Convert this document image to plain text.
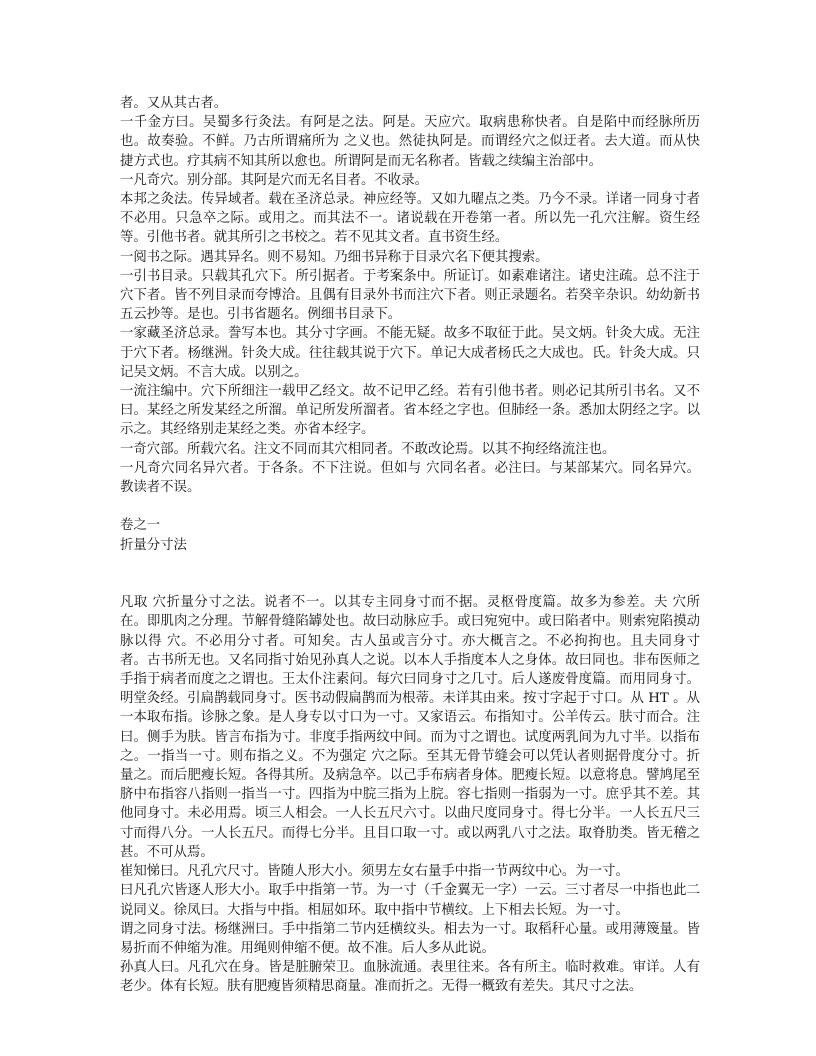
者。又从其古者。

一千金方曰。吴蜀多行灸法。有阿是之法。阿是。天应穴。取病患称快者。自是陷中而经脉所历也。故奏验。不鲜。乃古所谓痛所为 之义也。然徒执阿是。而谓经穴之似迂者。去大道。而从快捷方式也。疗其病不知其所以愈也。所谓阿是而无名称者。皆载之续编主治部中。

一凡奇穴。别分部。其阿是穴而无名目者。不收录。

本邦之灸法。传异域者。载在圣济总录。神应经等。又如九曜点之类。乃今不录。详诸一同身寸者不必用。只急卒之际。或用之。而其法不一。诸说载在开卷第一者。所以先一孔穴注解。资生经等。引他书者。就其所引之书校之。若不见其文者。直书资生经。

一阅书之际。遇其异名。则不易知。乃细书异称于目录穴名下便其搜索。

一引书目录。只载其孔穴下。所引据者。于考案条中。所证订。如素难诸注。诸史注疏。总不注于穴下者。皆不列目录而夸博洽。且偶有目录外书而注穴下者。则正录题名。若癸辛杂识。幼幼新书五云抄等。是也。引书省题名。例细书目录下。

一家藏圣济总录。誊写本也。其分寸字画。不能无疑。故多不取征于此。吴文炳。针灸大成。无注于穴下者。杨继洲。针灸大成。往往载其说于穴下。单记大成者杨氏之大成也。氏。针灸大成。只记吴文炳。不言大成。以别之。

一流注编中。穴下所细注一载甲乙经文。故不记甲乙经。若有引他书者。则必记其所引书名。又不曰。某经之所发某经之所溜。单记所发所溜者。省本经之字也。但肺经一条。悉加太阴经之字。以示之。其经络别走某经之类。亦省本经字。

一奇穴部。所载穴名。注文不同而其穴相同者。不敢改论焉。以其不拘经络流注也。

一凡奇穴同名异穴者。于各条。不下注说。但如与 穴同名者。必注曰。与某部某穴。同名异穴。教读者不误。

卷之一

折量分寸法

凡取 穴折量分寸之法。说者不一。以其专主同身寸而不据。灵枢骨度篇。故多为参差。夫 穴所在。即肌肉之分理。节解骨缝陷罅处也。故曰动脉应手。或曰宛宛中。或曰陷者中。则索宛陷摸动脉以得 穴。不必用分寸者。可知矣。古人虽或言分寸。亦大概言之。不必拘拘也。且夫同身寸者。古书所无也。又名同指寸始见孙真人之说。以本人手指度本人之身体。故曰同也。非布医师之手指于病者而度之之谓也。王太仆注素问。每穴曰同身寸之几寸。后人遂废骨度篇。而用同身寸。明堂灸经。引扁鹊载同身寸。医书动假扁鹊而为根蒂。未详其由来。按寸字起于寸口。从 HT 。从一本取布指。诊脉之象。是人身专以寸口为一寸。又家语云。布指知寸。公羊传云。肤寸而合。注曰。侧手为肤。皆言布指为寸。非度手指两纹中间。而为寸之谓也。试度两乳间为九寸半。以指布之。一指当一寸。则布指之义。不为强定 穴之际。至其无骨节缝会可以凭认者则据骨度分寸。折量之。而后肥瘦长短。各得其所。及病急卒。以己手布病者身体。肥瘦长短。以意将息。譬鸠尾至脐中布指容八指则一指当一寸。四指为中脘三指为上脘。容七指则一指弱为一寸。庶乎其不差。其他同身寸。未必用焉。顷三人相会。一人长五尺六寸。以曲尺度同身寸。得七分半。一人长五尺三寸而得八分。一人长五尺。而得七分半。且目口取一寸。或以两乳八寸之法。取脊肋类。皆无稽之甚。不可从焉。

崔知悌曰。凡孔穴尺寸。皆随人形大小。须男左女右量手中指一节两纹中心。为一寸。

曰凡孔穴皆逐人形大小。取手中指第一节。为一寸（千金翼无一字）一云。三寸者尽一中指也此二说同义。徐凤曰。大指与中指。相屈如环。取中指中节横纹。上下相去长短。为一寸。

谓之同身寸法。杨继洲曰。手中指第二节内廷横纹头。相去为一寸。取稻秆心量。或用薄篾量。皆易折而不伸缩为准。用绳则伸缩不便。故不准。后人多从此说。

孙真人曰。凡孔穴在身。皆是脏腑荣卫。血脉流通。表里往来。各有所主。临时救难。审详。人有老少。体有长短。肤有肥瘦皆须精思商量。准而折之。无得一概致有差失。其尺寸之法。
